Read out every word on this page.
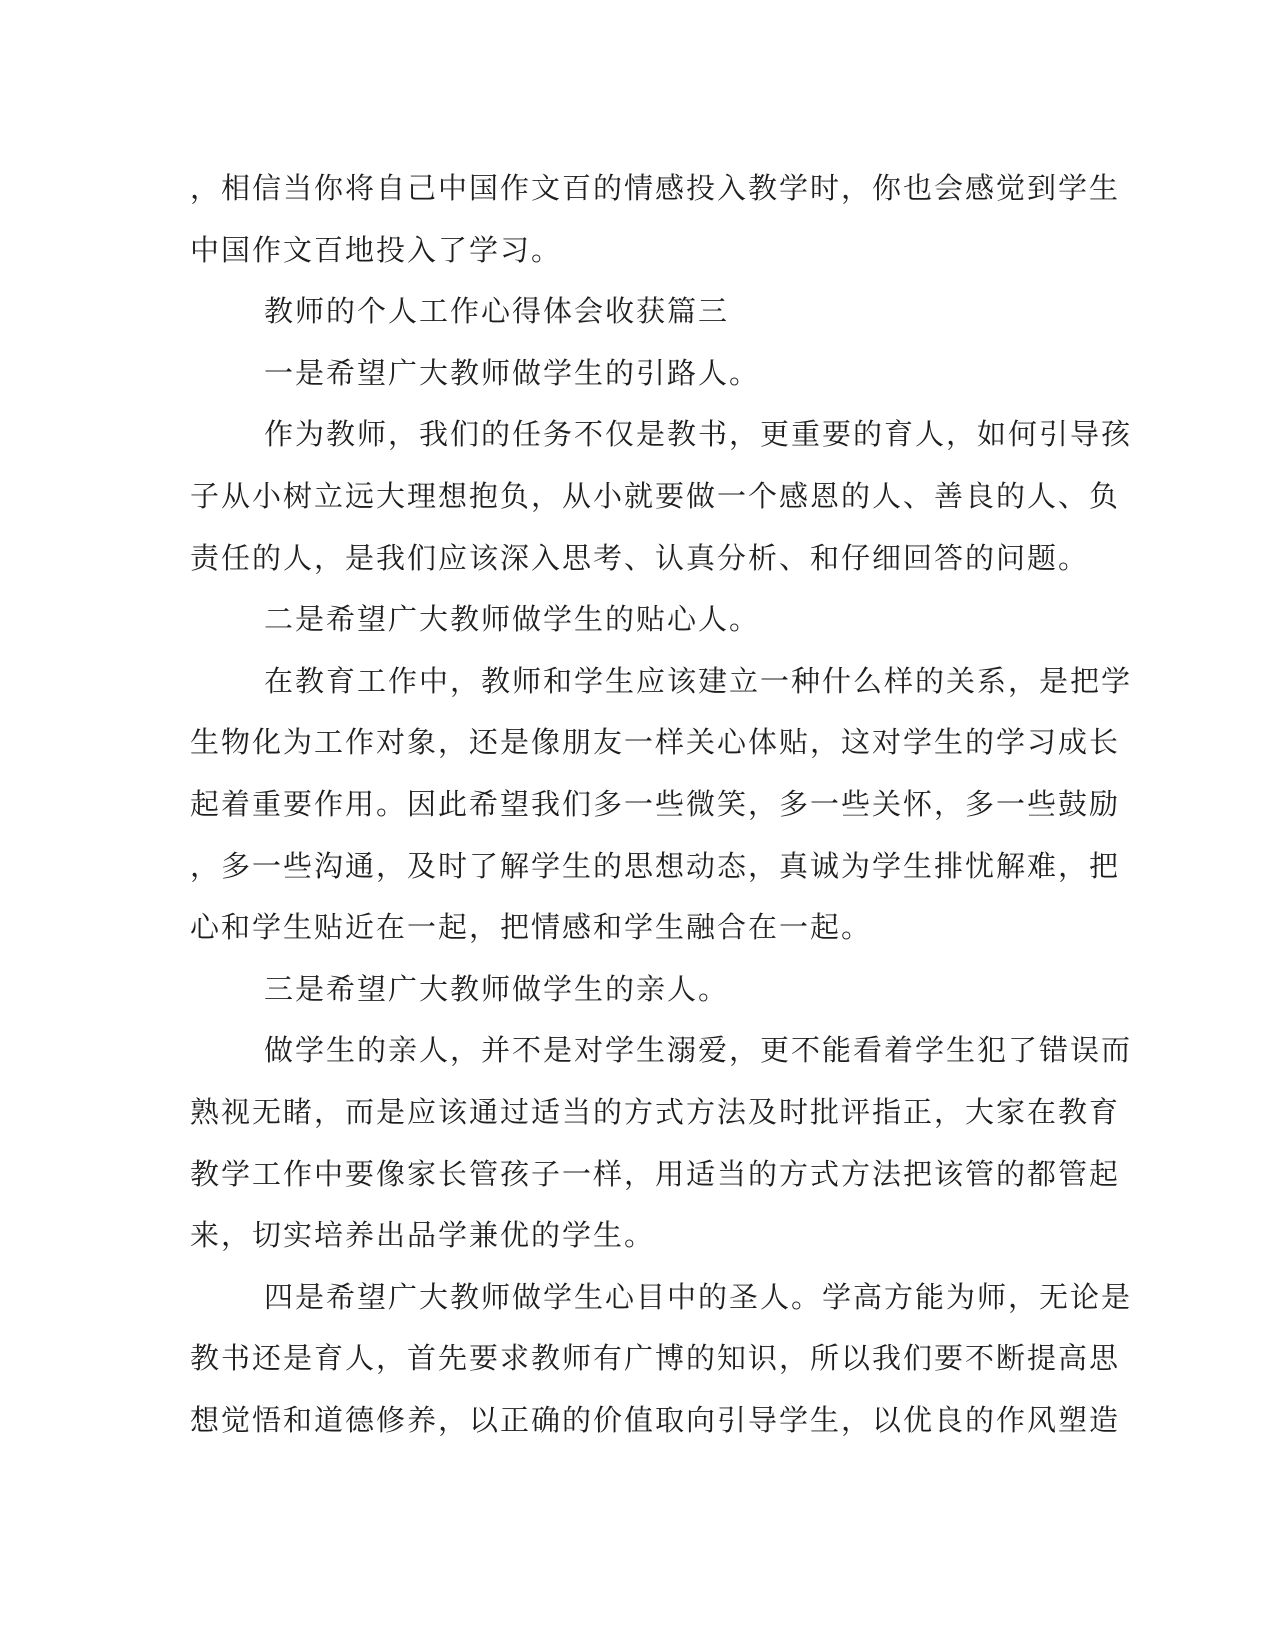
，相信当你将自己中国作文百的情感投入教学时，你也会感觉到学生
中国作文百地投入了学习。
教师的个人工作心得体会收获篇三
一是希望广大教师做学生的引路人。
作为教师，我们的任务不仅是教书，更重要的育人，如何引导孩
子从小树立远大理想抱负，从小就要做一个感恩的人、善良的人、负
责任的人，是我们应该深入思考、认真分析、和仔细回答的问题。
二是希望广大教师做学生的贴心人。
在教育工作中，教师和学生应该建立一种什么样的关系，是把学
生物化为工作对象，还是像朋友一样关心体贴，这对学生的学习成长
起着重要作用。因此希望我们多一些微笑，多一些关怀，多一些鼓励
，多一些沟通，及时了解学生的思想动态，真诚为学生排忧解难，把
心和学生贴近在一起，把情感和学生融合在一起。
三是希望广大教师做学生的亲人。
做学生的亲人，并不是对学生溺爱，更不能看着学生犯了错误而
熟视无睹，而是应该通过适当的方式方法及时批评指正，大家在教育
教学工作中要像家长管孩子一样，用适当的方式方法把该管的都管起
来，切实培养出品学兼优的学生。
四是希望广大教师做学生心目中的圣人。学高方能为师，无论是
教书还是育人，首先要求教师有广博的知识，所以我们要不断提高思
想觉悟和道德修养，以正确的价值取向引导学生，以优良的作风塑造
